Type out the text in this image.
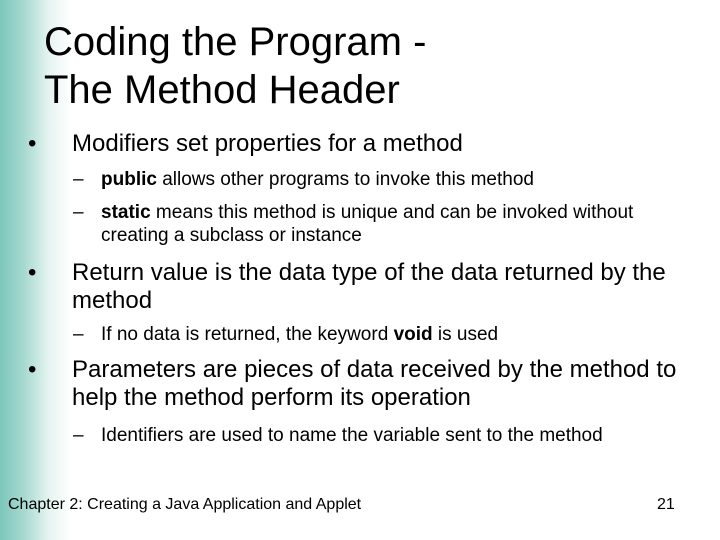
Coding the Program -
The Method Header
• Modifiers set properties for a method
– public allows other programs to invoke this method
– static means this method is unique and can be invoked without creating a subclass or instance
• Return value is the data type of the data returned by the method
– If no data is returned, the keyword void is used
• Parameters are pieces of data received by the method to help the method perform its operation
– Identifiers are used to name the variable sent to the method
Chapter 2: Creating a Java Application and Applet	21
